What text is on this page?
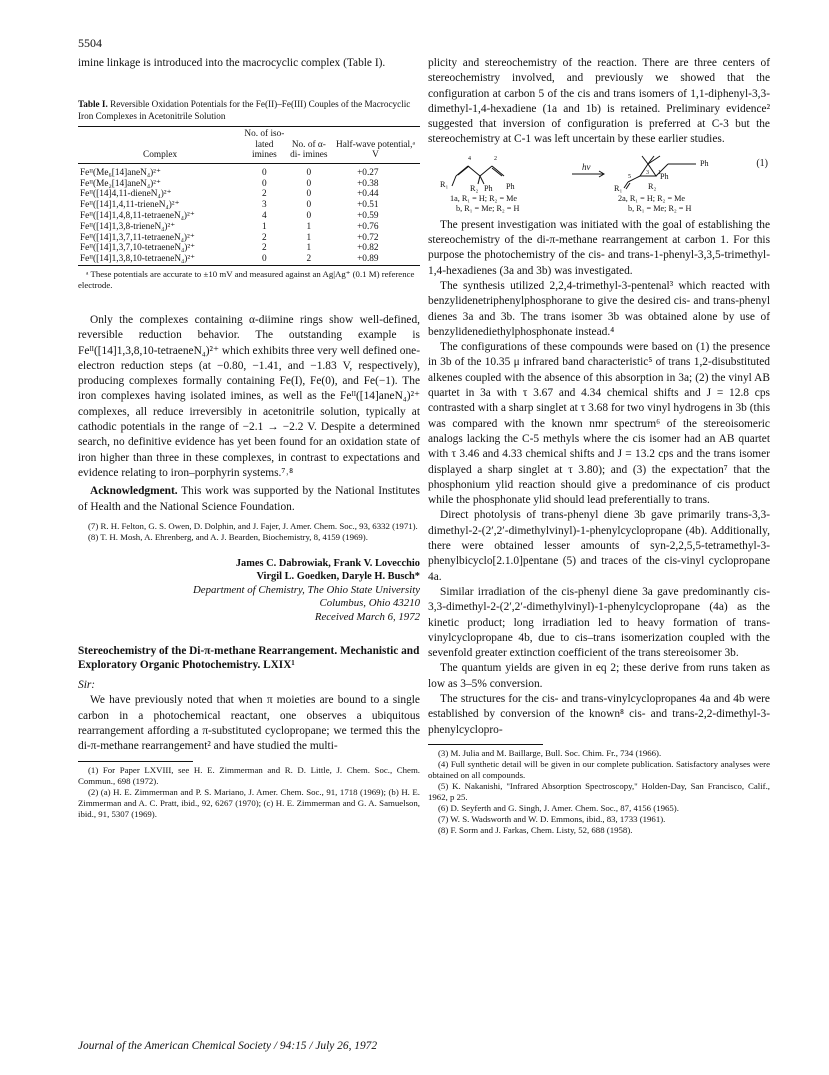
5504

imine linkage is introduced into the macrocyclic complex (Table I).

Table I. Reversible Oxidation Potentials for the Fe(II)–Fe(III) Couples of the Macrocyclic Iron Complexes in Acetonitrile Solution
Complex	No. of iso- lated imines	No. of α-di- imines	Half-wave potential,ᵃ V
Feᴵᴵ(Me₆[14]aneN₄)²⁺	0	0	+0.27
Feᴵᴵ(Me₂[14]aneN₄)²⁺	0	0	+0.38
Feᴵᴵ([14]4,11-dieneN₄)²⁺	2	0	+0.44
Feᴵᴵ([14]1,4,11-trieneN₄)²⁺	3	0	+0.51
Feᴵᴵ([14]1,4,8,11-tetraeneN₄)²⁺	4	0	+0.59
Feᴵᴵ([14]1,3,8-trieneN₄)²⁺	1	1	+0.76
Feᴵᴵ([14]1,3,7,11-tetraeneN₄)²⁺	2	1	+0.72
Feᴵᴵ([14]1,3,7,10-tetraeneN₄)²⁺	2	1	+0.82
Feᴵᴵ([14]1,3,8,10-tetraeneN₄)²⁺	0	2	+0.89
ᵃ These potentials are accurate to ±10 mV and measured against an Ag|Ag⁺ (0.1 M) reference electrode.

Only the complexes containing α-diimine rings show well-defined, reversible reduction behavior. The outstanding example is Feᴵᴵ([14]1,3,8,10-tetraeneN₄)²⁺ which exhibits three very well defined one-electron reduction steps (at −0.80, −1.41, and −1.83 V, respectively), producing complexes formally containing Fe(I), Fe(0), and Fe(−1). The iron complexes having isolated imines, as well as the Feᴵᴵ([14]aneN₄)²⁺ complexes, all reduce irreversibly in acetonitrile solution, typically at cathodic potentials in the range of −2.1 → −2.2 V. Despite a determined search, no definitive evidence has yet been found for an oxidation state of iron higher than three in these complexes, in contrast to expectations and evidence relating to iron–porphyrin systems.⁷˒⁸

Acknowledgment. This work was supported by the National Institutes of Health and the National Science Foundation.

(7) R. H. Felton, G. S. Owen, D. Dolphin, and J. Fajer, J. Amer. Chem. Soc., 93, 6332 (1971).

(8) T. H. Mosh, A. Ehrenberg, and A. J. Bearden, Biochemistry, 8, 4159 (1969).

James C. Dabrowiak, Frank V. Lovecchio
Virgil L. Goedken, Daryle H. Busch*
Department of Chemistry, The Ohio State University
Columbus, Ohio 43210
Received March 6, 1972
Stereochemistry of the Di-π-methane Rearrangement. Mechanistic and Exploratory Organic Photochemistry. LXIX¹
Sir:

We have previously noted that when π moieties are bound to a single carbon in a photochemical reactant, one observes a ubiquitous rearrangement affording a π-substituted cyclopropane; we termed this the di-π-methane rearrangement² and have studied the multi-

(1) For Paper LXVIII, see H. E. Zimmerman and R. D. Little, J. Chem. Soc., Chem. Commun., 698 (1972).

(2) (a) H. E. Zimmerman and P. S. Mariano, J. Amer. Chem. Soc., 91, 1718 (1969); (b) H. E. Zimmerman and A. C. Pratt, ibid., 92, 6267 (1970); (c) H. E. Zimmerman and G. A. Samuelson, ibid., 91, 5307 (1969).

plicity and stereochemistry of the reaction. There are three centers of stereochemistry involved, and previously we showed that the configuration at carbon 5 of the cis and trans isomers of 1,1-diphenyl-3,3-dimethyl-1,4-hexadiene (1a and 1b) is retained. Preliminary evidence² suggested that inversion of configuration is preferred at C-3 but the stereochemistry at C-1 was left uncertain by these earlier studies.

4	2
3 1
5
R₁	R₂ Ph Ph
1a, R₁ = H; R₂ = Me
b, R₁ = Me; R₂ = H
hν	Ph
Ph
R₁	R₂
2a, R₁ = H; R₂ = Me
b, R₁ = Me; R₂ = H
(1)

The present investigation was initiated with the goal of establishing the stereochemistry of the di-π-methane rearrangement at carbon 1. For this purpose the photochemistry of the cis- and trans-1-phenyl-3,3,5-trimethyl-1,4-hexadienes (3a and 3b) was investigated.

The synthesis utilized 2,2,4-trimethyl-3-pentenal³ which reacted with benzylidenetriphenylphosphorane to give the desired cis- and trans-phenyl dienes 3a and 3b. The trans isomer 3b was obtained alone by use of benzylidenediethylphosphonate instead.⁴

The configurations of these compounds were based on (1) the presence in 3b of the 10.35 μ infrared band characteristic⁵ of trans 1,2-disubstituted alkenes coupled with the absence of this absorption in 3a; (2) the vinyl AB quartet in 3a with τ 3.67 and 4.34 chemical shifts and J = 12.8 cps contrasted with a sharp singlet at τ 3.68 for two vinyl hydrogens in 3b (this was compared with the known nmr spectrum⁶ of the stereoisomeric analogs lacking the C-5 methyls where the cis isomer had an AB quartet with τ 3.46 and 4.33 chemical shifts and J = 13.2 cps and the trans isomer displayed a sharp singlet at τ 3.80); and (3) the expectation⁷ that the phosphonium ylid reaction should give a predominance of cis product while the phosphonate ylid should lead preferentially to trans.

Direct photolysis of trans-phenyl diene 3b gave primarily trans-3,3-dimethyl-2-(2′,2′-dimethylvinyl)-1-phenylcyclopropane (4b). Additionally, there were obtained lesser amounts of syn-2,2,5,5-tetramethyl-3-phenylbicyclo[2.1.0]pentane (5) and traces of the cis-vinyl cyclopropane 4a.

Similar irradiation of the cis-phenyl diene 3a gave predominantly cis-3,3-dimethyl-2-(2′,2′-dimethylvinyl)-1-phenylcyclopropane (4a) as the kinetic product; long irradiation led to heavy formation of trans-vinylcyclopropane 4b, due to cis–trans isomerization coupled with the sevenfold greater extinction coefficient of the trans stereoisomer 3b.

The quantum yields are given in eq 2; these derive from runs taken as low as 3–5% conversion.

The structures for the cis- and trans-vinylcyclopropanes 4a and 4b were established by conversion of the known⁸ cis- and trans-2,2-dimethyl-3-phenylcyclopro-

(3) M. Julia and M. Baillarge, Bull. Soc. Chim. Fr., 734 (1966).

(4) Full synthetic detail will be given in our complete publication. Satisfactory analyses were obtained on all compounds.

(5) K. Nakanishi, "Infrared Absorption Spectroscopy," Holden-Day, San Francisco, Calif., 1962, p 25.

(6) D. Seyferth and G. Singh, J. Amer. Chem. Soc., 87, 4156 (1965).

(7) W. S. Wadsworth and W. D. Emmons, ibid., 83, 1733 (1961).

(8) F. Sorm and J. Farkas, Chem. Listy, 52, 688 (1958).

Journal of the American Chemical Society / 94:15 / July 26, 1972
